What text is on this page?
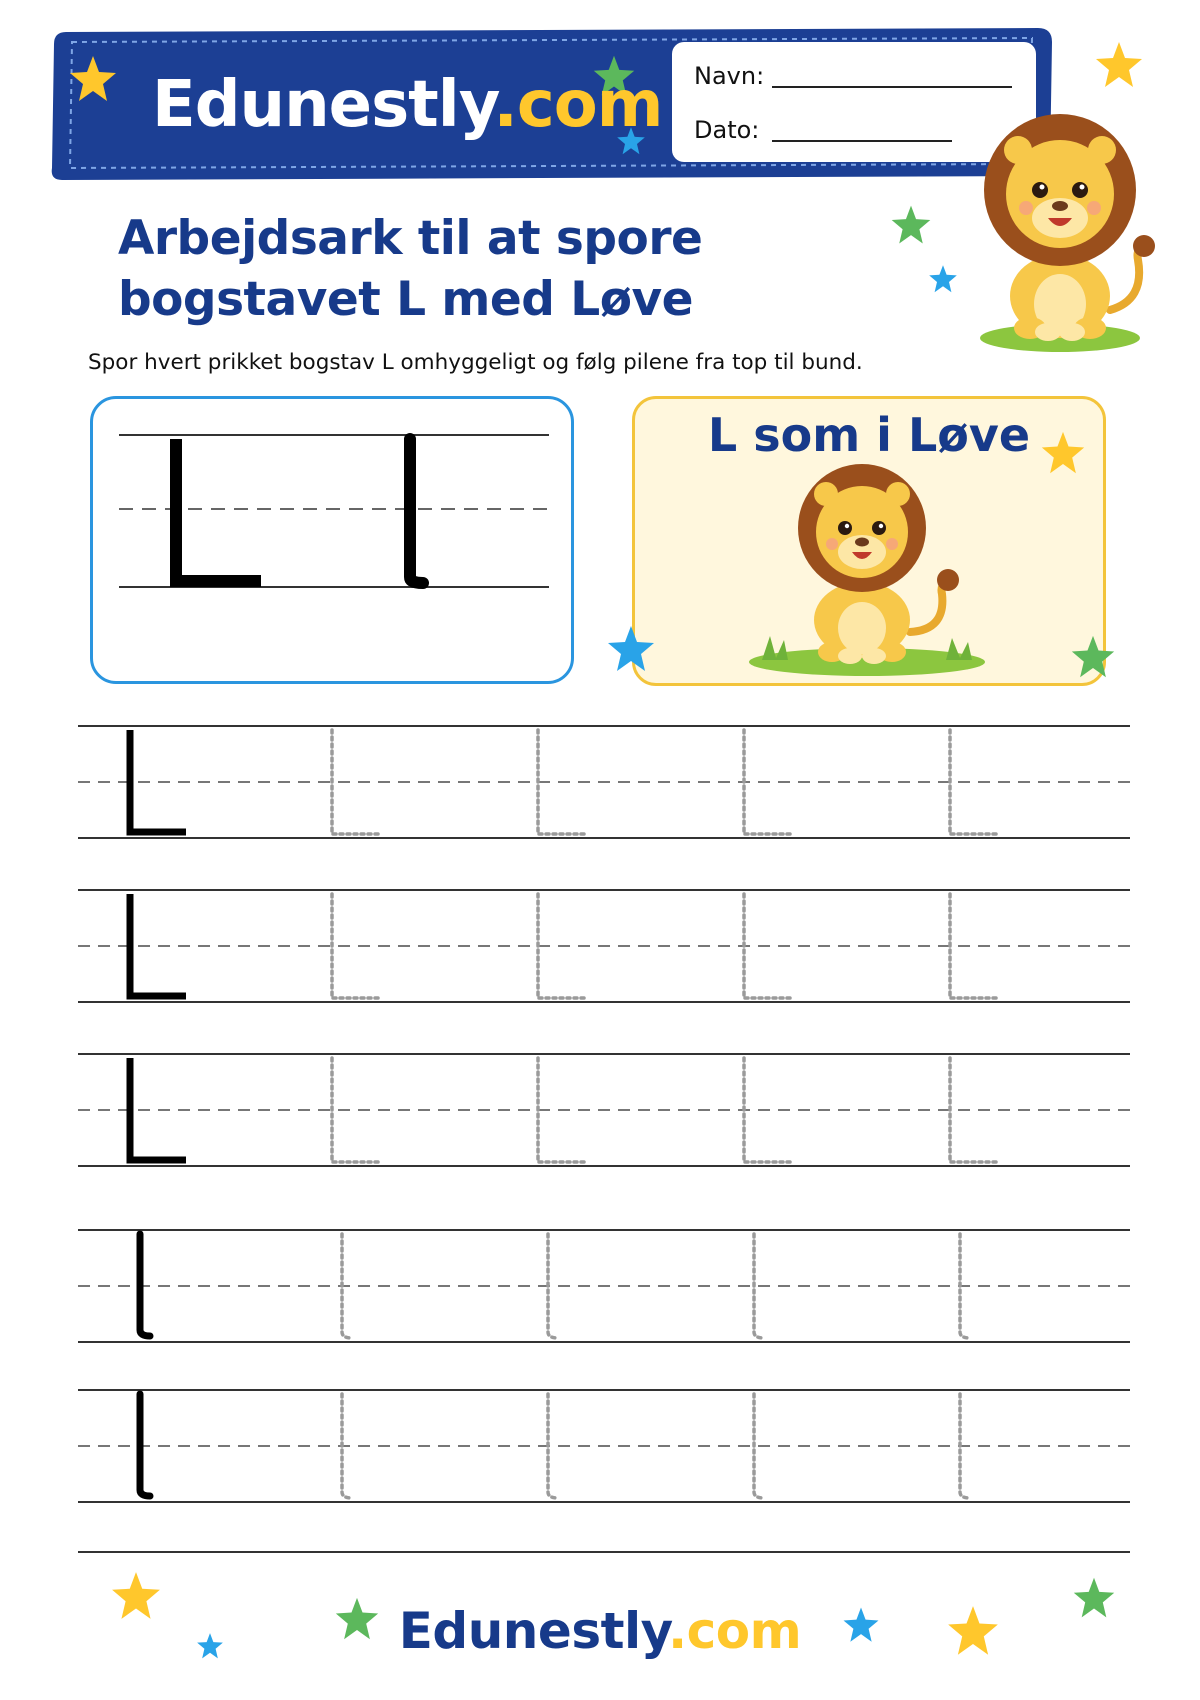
Edunestly.com Navn:
Dato:
Arbejdsark til at spore
bogstavet L med Løve
Spor hvert prikket bogstav L omhyggeligt og følg pilene fra top til bund.
L som i Løve
Edunestly.com
